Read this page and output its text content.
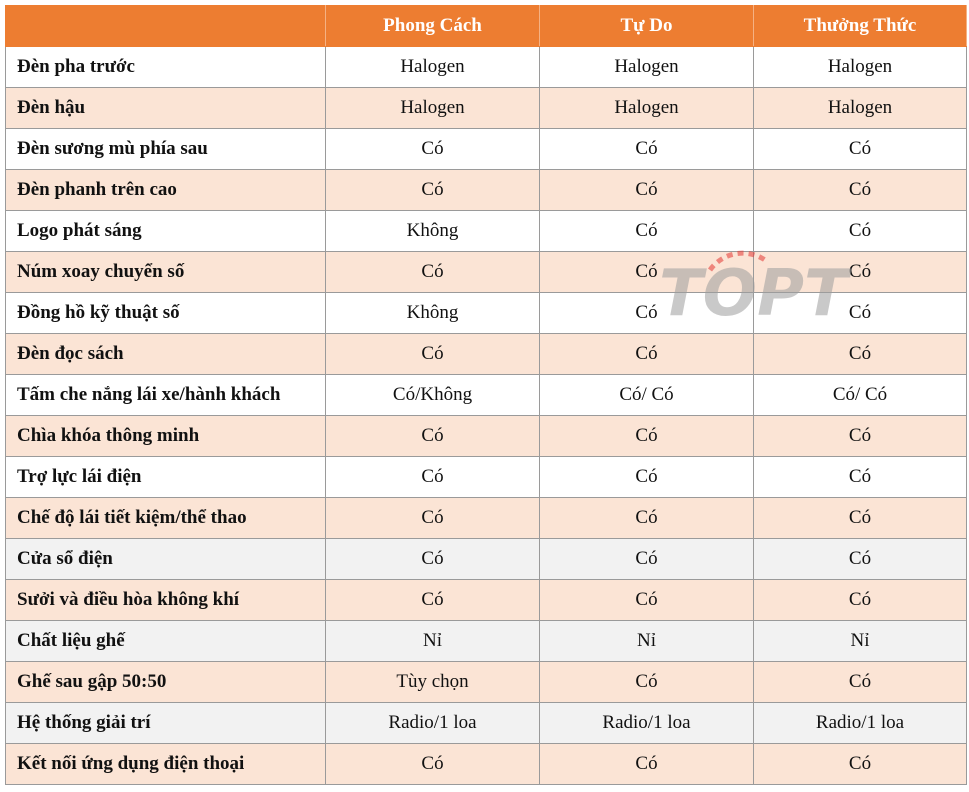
	Phong Cách	Tự Do	Thưởng Thức
Đèn pha trước	Halogen	Halogen	Halogen
Đèn hậu	Halogen	Halogen	Halogen
Đèn sương mù phía sau	Có	Có	Có
Đèn phanh trên cao	Có	Có	Có
Logo phát sáng	Không	Có	Có
Núm xoay chuyển số	Có	Có	Có
Đồng hồ kỹ thuật số	Không	Có	Có
Đèn đọc sách	Có	Có	Có
Tấm che nắng lái xe/hành khách	Có/Không	Có/ Có	Có/ Có
Chìa khóa thông minh	Có	Có	Có
Trợ lực lái điện	Có	Có	Có
Chế độ lái tiết kiệm/thể thao	Có	Có	Có
Cửa sổ điện	Có	Có	Có
Sưởi và điều hòa không khí	Có	Có	Có
Chất liệu ghế	Nỉ	Nỉ	Nỉ
Ghế sau gập 50:50	Tùy chọn	Có	Có
Hệ thống giải trí	Radio/1 loa	Radio/1 loa	Radio/1 loa
Kết nối ứng dụng điện thoại	Có	Có	Có
TOPT
